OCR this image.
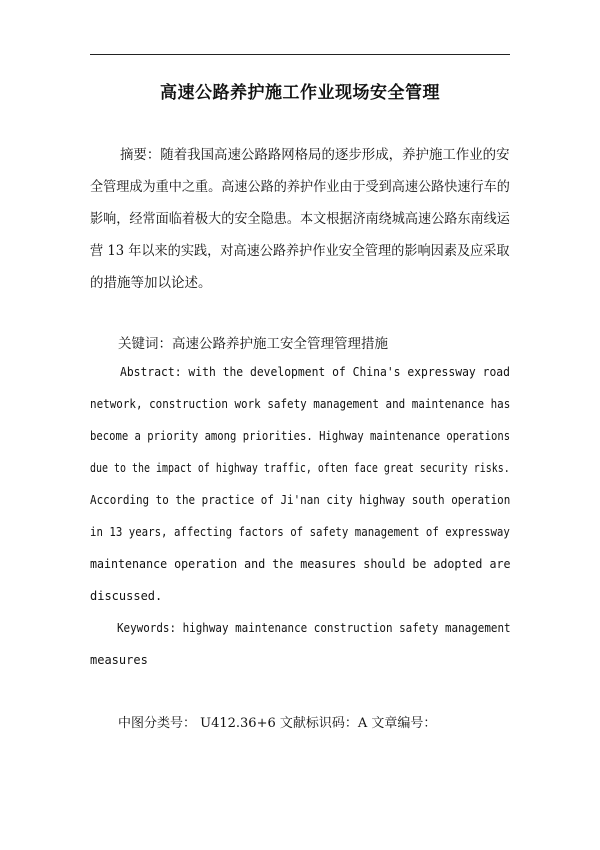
高速公路养护施工作业现场安全管理
摘要：随着我国高速公路路网格局的逐步形成，养护施工作业的安
全管理成为重中之重。高速公路的养护作业由于受到高速公路快速行车的
影响，经常面临着极大的安全隐患。本文根据济南绕城高速公路东南线运
营 13 年以来的实践，对高速公路养护作业安全管理的影响因素及应采取
的措施等加以论述。
关键词：高速公路养护施工安全管理管理措施
Abstract: with the development of China's expressway road
network, construction work safety management and maintenance has
become a priority among priorities. Highway maintenance operations
due to the impact of highway traffic, often face great security risks.
According to the practice of Ji'nan city highway south operation
in 13 years, affecting factors of safety management of expressway
maintenance operation and the measures should be adopted are
discussed.
Keywords: highway maintenance construction safety management
measures
中图分类号： U412.36+6 文献标识码：A 文章编号：
